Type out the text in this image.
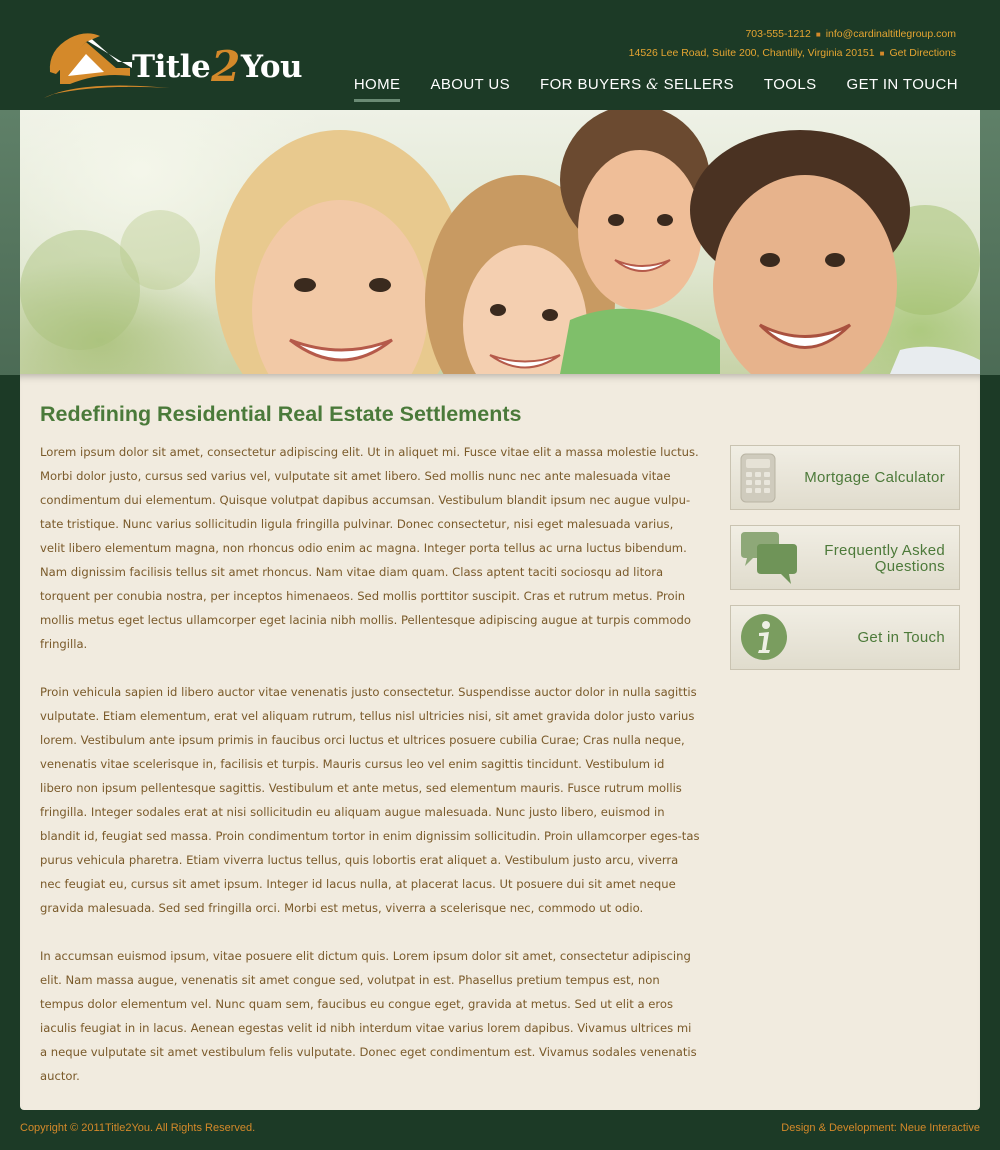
Title2You
703-555-1212 ■ info@cardinaltitlegroup.com
14526 Lee Road, Suite 200, Chantilly, Virginia 20151 ■ Get Directions
HOME ABOUT US FOR BUYERS & SELLERS TOOLS GET IN TOUCH
Redefining Residential Real Estate Settlements

Lorem ipsum dolor sit amet, consectetur adipiscing elit. Ut in aliquet mi. Fusce vitae elit a massa molestie luctus. Morbi dolor justo, cursus sed varius vel, vulputate sit amet libero. Sed mollis nunc nec ante malesuada vitae condimentum dui elementum. Quisque volutpat dapibus accumsan. Vestibulum blandit ipsum nec augue vulpu-tate tristique. Nunc varius sollicitudin ligula fringilla pulvinar. Donec consectetur, nisi eget malesuada varius, velit libero elementum magna, non rhoncus odio enim ac magna. Integer porta tellus ac urna luctus bibendum. Nam dignissim facilisis tellus sit amet rhoncus. Nam vitae diam quam. Class aptent taciti sociosqu ad litora torquent per conubia nostra, per inceptos himenaeos. Sed mollis porttitor suscipit. Cras et rutrum metus. Proin mollis metus eget lectus ullamcorper eget lacinia nibh mollis. Pellentesque adipiscing augue at turpis commodo fringilla.

Proin vehicula sapien id libero auctor vitae venenatis justo consectetur. Suspendisse auctor dolor in nulla sagittis vulputate. Etiam elementum, erat vel aliquam rutrum, tellus nisl ultricies nisi, sit amet gravida dolor justo varius lorem. Vestibulum ante ipsum primis in faucibus orci luctus et ultrices posuere cubilia Curae; Cras nulla neque, venenatis vitae scelerisque in, facilisis et turpis. Mauris cursus leo vel enim sagittis tincidunt. Vestibulum id libero non ipsum pellentesque sagittis. Vestibulum et ante metus, sed elementum mauris. Fusce rutrum mollis fringilla. Integer sodales erat at nisi sollicitudin eu aliquam augue malesuada. Nunc justo libero, euismod in blandit id, feugiat sed massa. Proin condimentum tortor in enim dignissim sollicitudin. Proin ullamcorper eges-tas purus vehicula pharetra. Etiam viverra luctus tellus, quis lobortis erat aliquet a. Vestibulum justo arcu, viverra nec feugiat eu, cursus sit amet ipsum. Integer id lacus nulla, at placerat lacus. Ut posuere dui sit amet neque gravida malesuada. Sed sed fringilla orci. Morbi est metus, viverra a scelerisque nec, commodo ut odio.

In accumsan euismod ipsum, vitae posuere elit dictum quis. Lorem ipsum dolor sit amet, consectetur adipiscing elit. Nam massa augue, venenatis sit amet congue sed, volutpat in est. Phasellus pretium tempus est, non tempus dolor elementum vel. Nunc quam sem, faucibus eu congue eget, gravida at metus. Sed ut elit a eros iaculis feugiat in in lacus. Aenean egestas velit id nibh interdum vitae varius lorem dapibus. Vivamus ultrices mi a neque vulputate sit amet vestibulum felis vulputate. Donec eget condimentum est. Vivamus sodales venenatis auctor.

Mortgage Calculator
Frequently Asked
Questions
Get in Touch
Copyright © 2011Title2You. All Rights Reserved.	Design & Development: Neue Interactive
